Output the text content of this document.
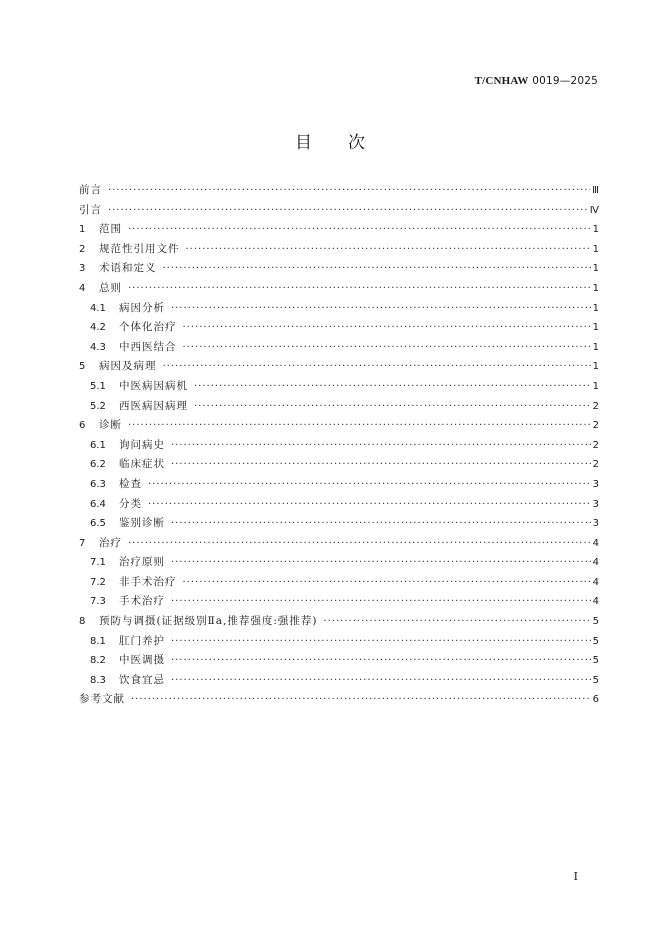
T/CNHAW 0019—2025
目 次
前言 ·····	Ⅲ
引言 ·····	Ⅳ
1	范围 ·····	1
2	规范性引用文件 ·····	1
3	术语和定义 ·····	1
4	总则 ·····	1
4.1	病因分析 ·····	1
4.2	个体化治疗 ·····	1
4.3	中西医结合 ·····	1
5	病因及病理 ·····	1
5.1	中医病因病机 ·····	1
5.2	西医病因病理 ·····	2
6	诊断 ·····	2
6.1	询问病史 ·····	2
6.2	临床症状 ·····	2
6.3	检查 ·····	3
6.4	分类 ·····	3
6.5	鉴别诊断 ·····	3
7	治疗 ·····	4
7.1	治疗原则 ·····	4
7.2	非手术治疗 ·····	4
7.3	手术治疗 ·····	4
8	预防与调摄(证据级别Ⅱa,推荐强度:强推荐) ·····	5
8.1	肛门养护 ·····	5
8.2	中医调摄 ·····	5
8.3	饮食宜忌 ·····	5
参考文献 ·····	6
I
